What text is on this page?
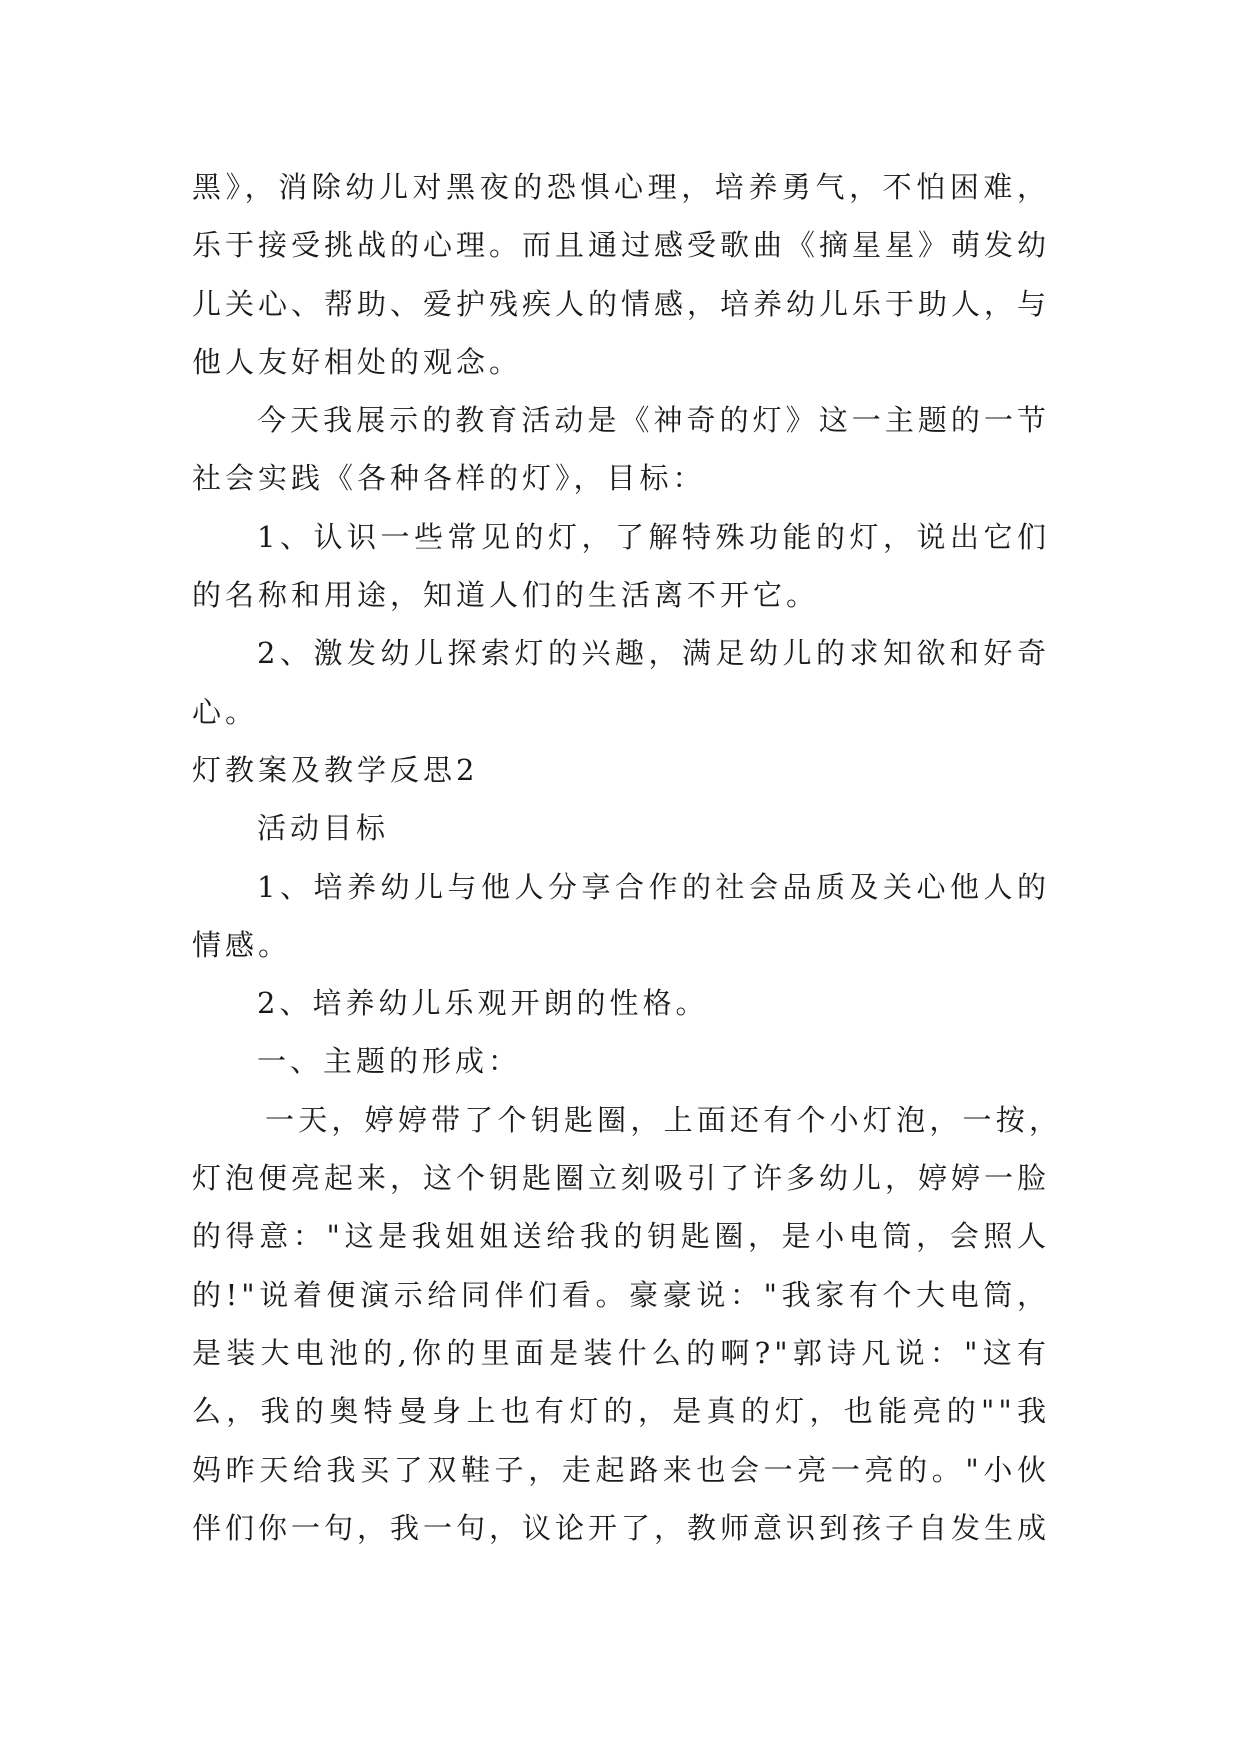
黑》，消除幼儿对黑夜的恐惧心理，培养勇气，不怕困难，
乐于接受挑战的心理。而且通过感受歌曲《摘星星》萌发幼
儿关心、帮助、爱护残疾人的情感，培养幼儿乐于助人，与
他人友好相处的观念。
今天我展示的教育活动是《神奇的灯》这一主题的一节
社会实践《各种各样的灯》，目标：
1、认识一些常见的灯，了解特殊功能的灯，说出它们
的名称和用途，知道人们的生活离不开它。
2、激发幼儿探索灯的兴趣，满足幼儿的求知欲和好奇
心。
灯教案及教学反思2
活动目标
1、培养幼儿与他人分享合作的社会品质及关心他人的
情感。
2、培养幼儿乐观开朗的性格。
一、主题的形成：
一天，婷婷带了个钥匙圈，上面还有个小灯泡，一按，
灯泡便亮起来，这个钥匙圈立刻吸引了许多幼儿，婷婷一脸
的得意："这是我姐姐送给我的钥匙圈，是小电筒，会照人
的!"说着便演示给同伴们看。豪豪说："我家有个大电筒，
是装大电池的,你的里面是装什么的啊?"郭诗凡说："这有
么，我的奥特曼身上也有灯的，是真的灯，也能亮的""我
妈昨天给我买了双鞋子，走起路来也会一亮一亮的。"小伙
伴们你一句，我一句，议论开了，教师意识到孩子自发生成
